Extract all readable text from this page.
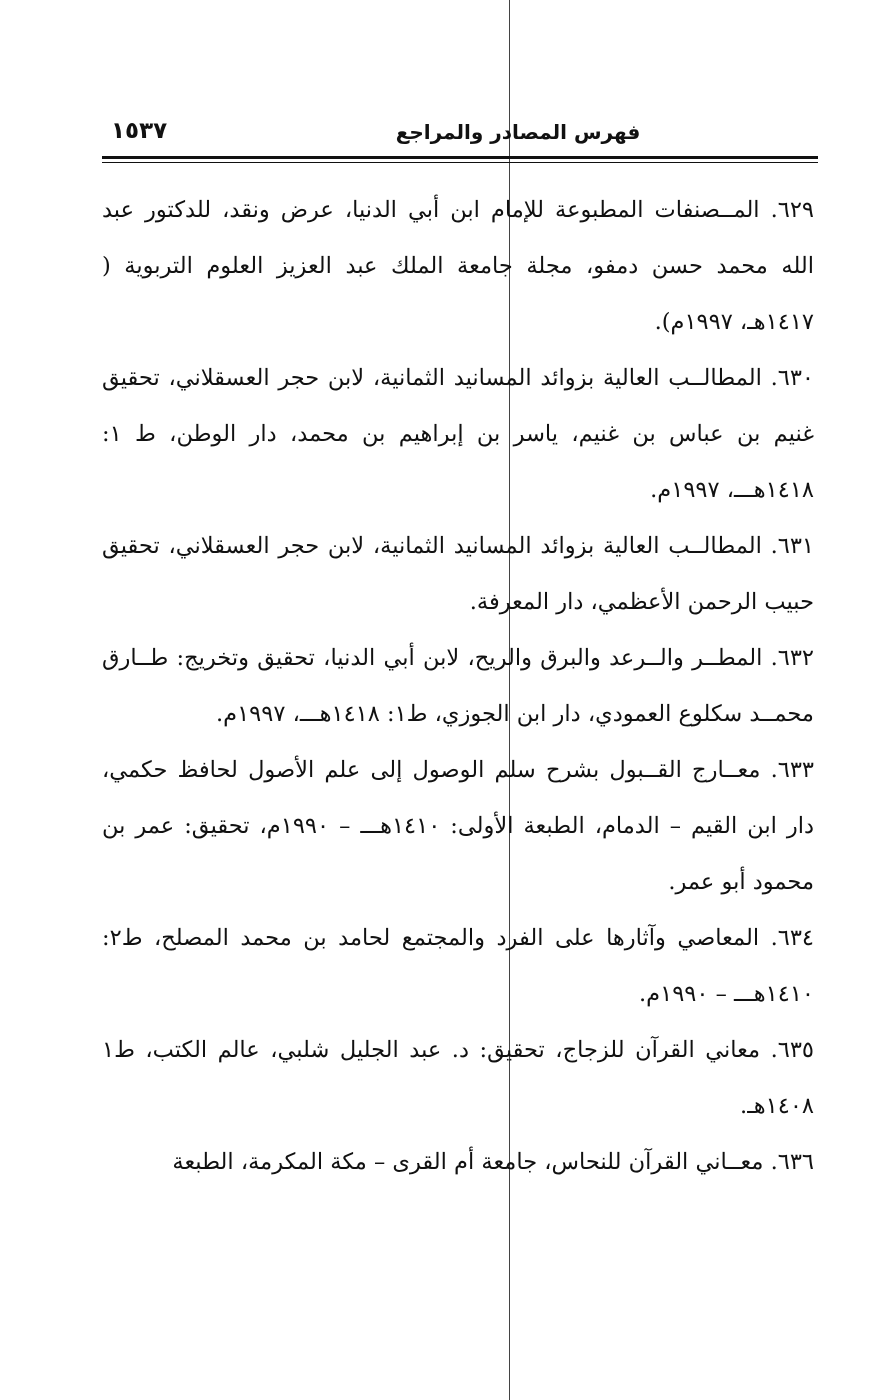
١٥٣٧	فهرس المصادر والمراجع

٦٢٩. المــصنفات المطبوعة للإمام ابن أبي الدنيا، عرض ونقد، للدكتور عبد الله محمد حسن دمفو، مجلة جامعة الملك عبد العزيز العلوم التربوية ( ١٤١٧هـ، ١٩٩٧م).

٦٣٠. المطالــب العالية بزوائد المسانيد الثمانية، لابن حجر العسقلاني، تحقيق غنيم بن عباس بن غنيم، ياسر بن إبراهيم بن محمد، دار الوطن، ط ١: ١٤١٨هـــ، ١٩٩٧م.

٦٣١. المطالــب العالية بزوائد المسانيد الثمانية، لابن حجر العسقلاني، تحقيق حبيب الرحمن الأعظمي، دار المعرفة.

٦٣٢. المطــر والــرعد والبرق والريح، لابن أبي الدنيا، تحقيق وتخريج: طــارق محمــد سكلوع العمودي، دار ابن الجوزي، ط١: ١٤١٨هـــ، ١٩٩٧م.

٦٣٣. معــارج القــبول بشرح سلم الوصول إلى علم الأصول لحافظ حكمي، دار ابن القيم – الدمام، الطبعة الأولى: ١٤١٠هـــ – ١٩٩٠م، تحقيق: عمر بن محمود أبو عمر.

٦٣٤. المعاصي وآثارها على الفرد والمجتمع لحامد بن محمد المصلح، ط٢: ١٤١٠هـــ – ١٩٩٠م.

٦٣٥. معاني القرآن للزجاج، تحقيق: د. عبد الجليل شلبي، عالم الكتب، ط١ ١٤٠٨هـ.

٦٣٦. معــاني القرآن للنحاس، جامعة أم القرى – مكة المكرمة، الطبعة
